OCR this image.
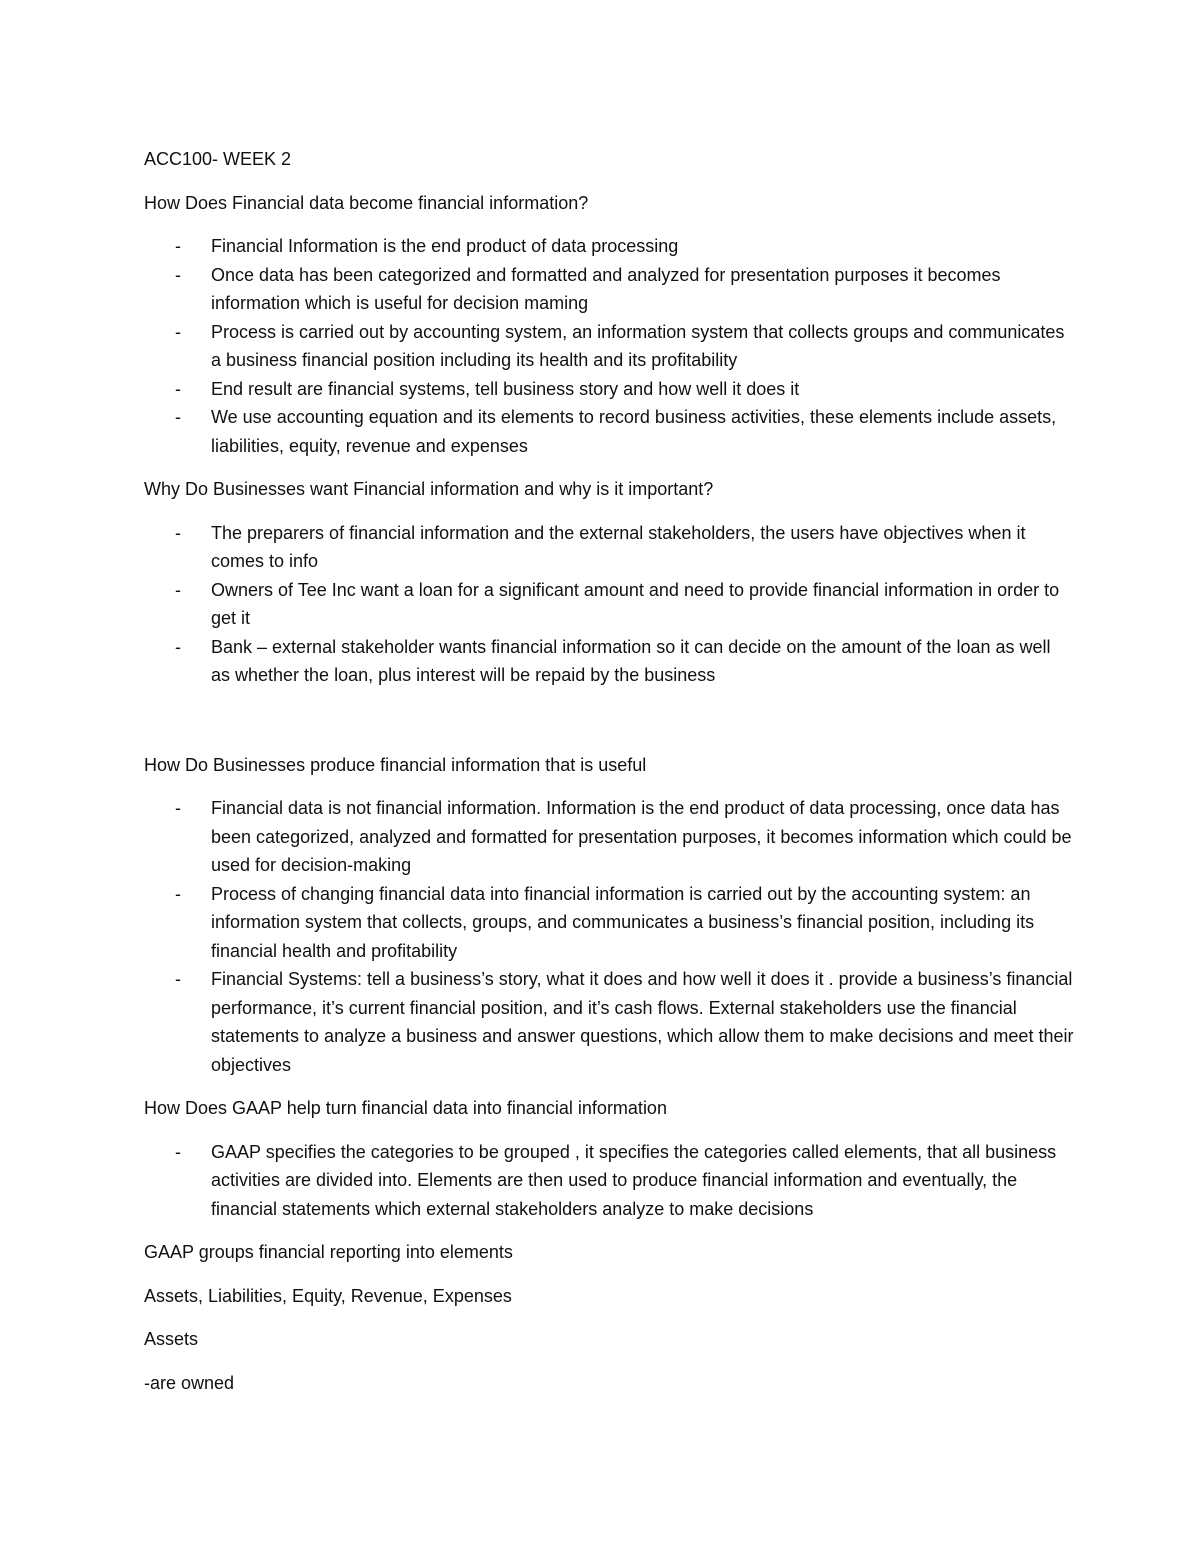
ACC100- WEEK 2

How Does Financial data become financial information?

- Financial Information is the end product of data processing
- Once data has been categorized and formatted and analyzed for presentation purposes it becomes information which is useful for decision maming
- Process is carried out by accounting system, an information system that collects groups and communicates a business financial position including its health and its profitability
- End result are financial systems, tell business story and how well it does it
- We use accounting equation and its elements to record business activities, these elements include assets, liabilities, equity, revenue and expenses

Why Do Businesses want Financial information and why is it important?

- The preparers of financial information and the external stakeholders, the users have objectives when it comes to info
- Owners of Tee Inc want a loan for a significant amount and need to provide financial information in order to get it
- Bank – external stakeholder wants financial information so it can decide on the amount of the loan as well as whether the loan, plus interest will be repaid by the business

How Do Businesses produce financial information that is useful

- Financial data is not financial information. Information is the end product of data processing, once data has been categorized, analyzed and formatted for presentation purposes, it becomes information which could be used for decision-making
- Process of changing financial data into financial information is carried out by the accounting system: an information system that collects, groups, and communicates a business’s financial position, including its financial health and profitability
- Financial Systems: tell a business’s story, what it does and how well it does it . provide a business’s financial performance, it’s current financial position, and it’s cash flows. External stakeholders use the financial statements to analyze a business and answer questions, which allow them to make decisions and meet their objectives

How Does GAAP help turn financial data into financial information

- GAAP specifies the categories to be grouped , it specifies the categories called elements, that all business activities are divided into. Elements are then used to produce financial information and eventually, the financial statements which external stakeholders analyze to make decisions

GAAP groups financial reporting into elements

Assets, Liabilities, Equity, Revenue, Expenses

Assets

-are owned
